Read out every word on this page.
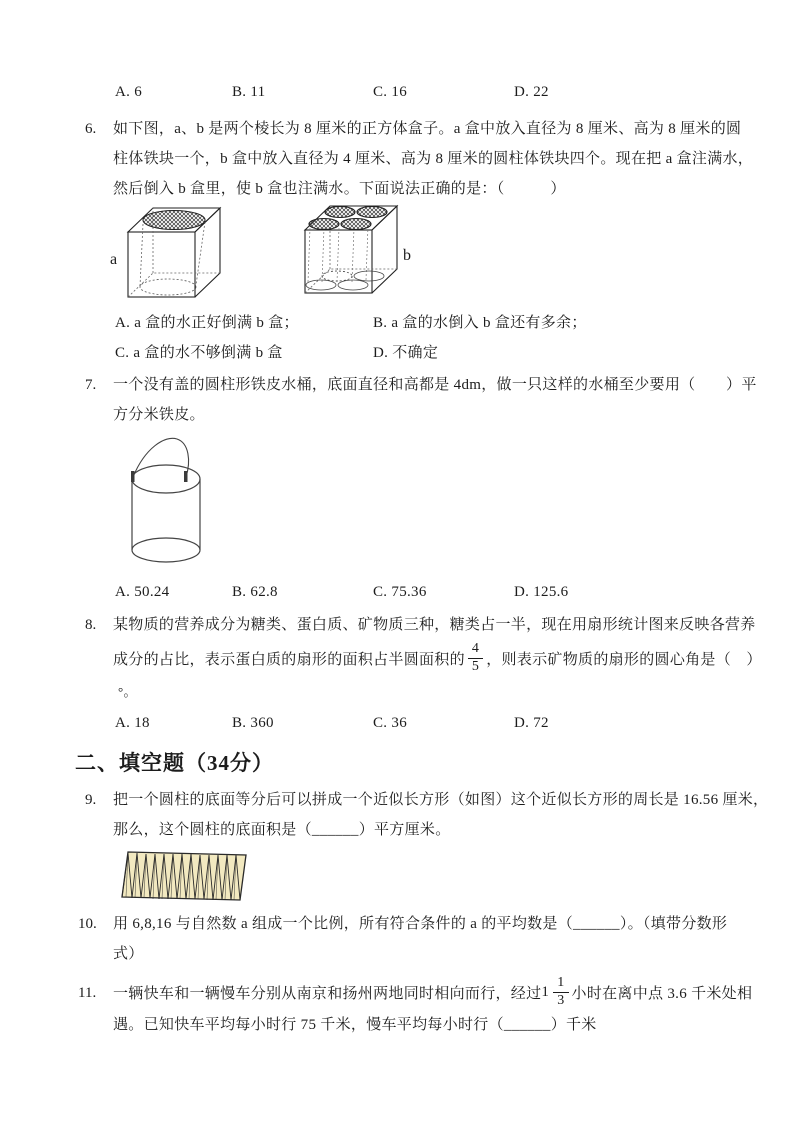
A. 6	B. 11	C. 16	D. 22
6. 如下图，a、b 是两个棱长为 8 厘米的正方体盒子。a 盒中放入直径为 8 厘米、高为 8 厘米的圆
柱体铁块一个，b 盒中放入直径为 4 厘米、高为 8 厘米的圆柱体铁块四个。现在把 a 盒注满水，
然后倒入 b 盒里，使 b 盒也注满水。下面说法正确的是：（　　　）
a	b
A. a 盒的水正好倒满 b 盒；	B. a 盒的水倒入 b 盒还有多余；
C. a 盒的水不够倒满 b 盒	D. 不确定
7. 一个没有盖的圆柱形铁皮水桶，底面直径和高都是 4dm，做一只这样的水桶至少要用（　　）平
方分米铁皮。
A. 50.24	B. 62.8	C. 75.36	D. 125.6
8. 某物质的营养成分为糖类、蛋白质、矿物质三种，糖类占一半，现在用扇形统计图来反映各营养
成分的占比，表示蛋白质的扇形的面积占半圆面积的 $\frac{4}{5}$ ，则表示矿物质的扇形的圆心角是（　）
°。
A. 18	B. 360	C. 36	D. 72
二、填空题（34分）
9. 把一个圆柱的底面等分后可以拼成一个近似长方形（如图）这个近似长方形的周长是 16.56 厘米，
那么，这个圆柱的底面积是（______）平方厘米。
10. 用 6,8,16 与自然数 a 组成一个比例，所有符合条件的 a 的平均数是（______）。（填带分数形
式）
11. 一辆快车和一辆慢车分别从南京和扬州两地同时相向而行，经过 $1 \frac{1}{3}$ 小时在离中点 3.6 千米处相
遇。已知快车平均每小时行 75 千米，慢车平均每小时行（______）千米
